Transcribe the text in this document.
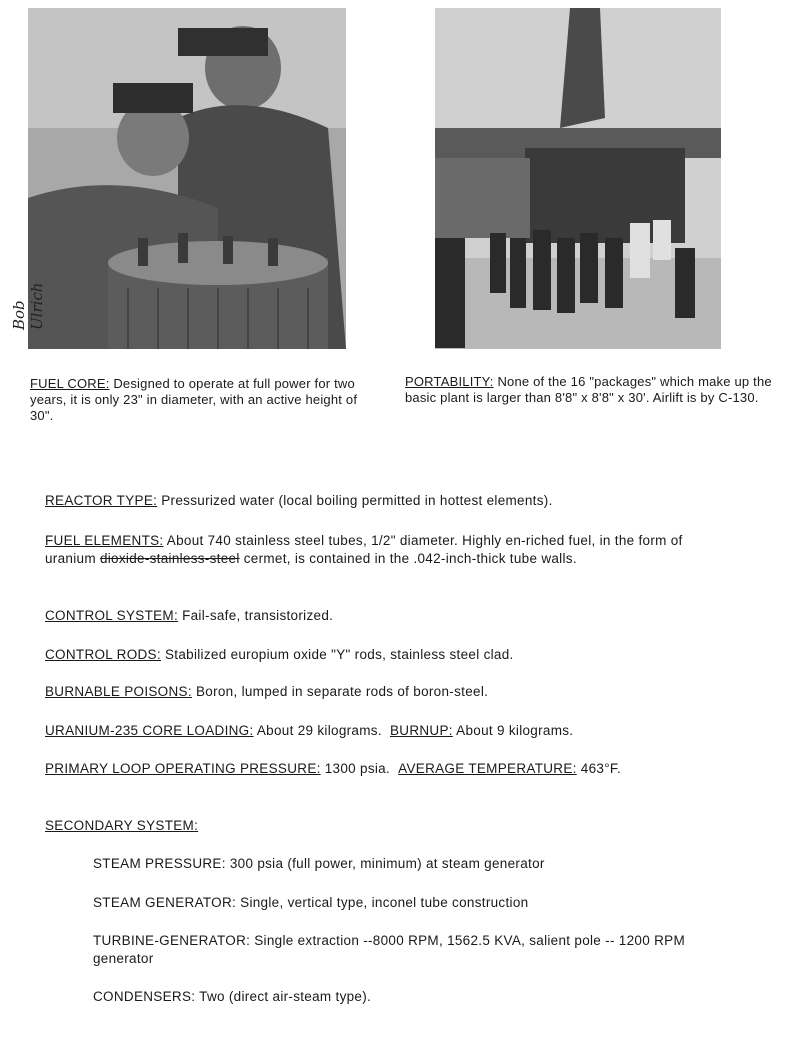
Bob Ulrich
FUEL CORE: Designed to operate at full power for two years, it is only 23" in diameter, with an active height of 30".
PORTABILITY: None of the 16 "packages" which make up the basic plant is larger than 8'8" x 8'8" x 30'. Airlift is by C-130.
REACTOR TYPE: Pressurized water (local boiling permitted in hottest elements).
FUEL ELEMENTS: About 740 stainless steel tubes, 1/2" diameter. Highly en-riched fuel, in the form of uranium dioxide-stainless-steel cermet, is contained in the .042-inch-thick tube walls.
CONTROL SYSTEM: Fail-safe, transistorized.
CONTROL RODS: Stabilized europium oxide "Y" rods, stainless steel clad.
BURNABLE POISONS: Boron, lumped in separate rods of boron-steel.
URANIUM-235 CORE LOADING: About 29 kilograms. BURNUP: About 9 kilograms.
PRIMARY LOOP OPERATING PRESSURE: 1300 psia. AVERAGE TEMPERATURE: 463°F.
SECONDARY SYSTEM:
STEAM PRESSURE: 300 psia (full power, minimum) at steam generator
STEAM GENERATOR: Single, vertical type, inconel tube construction
TURBINE-GENERATOR: Single extraction --8000 RPM, 1562.5 KVA, salient pole -- 1200 RPM generator
CONDENSERS: Two (direct air-steam type).
